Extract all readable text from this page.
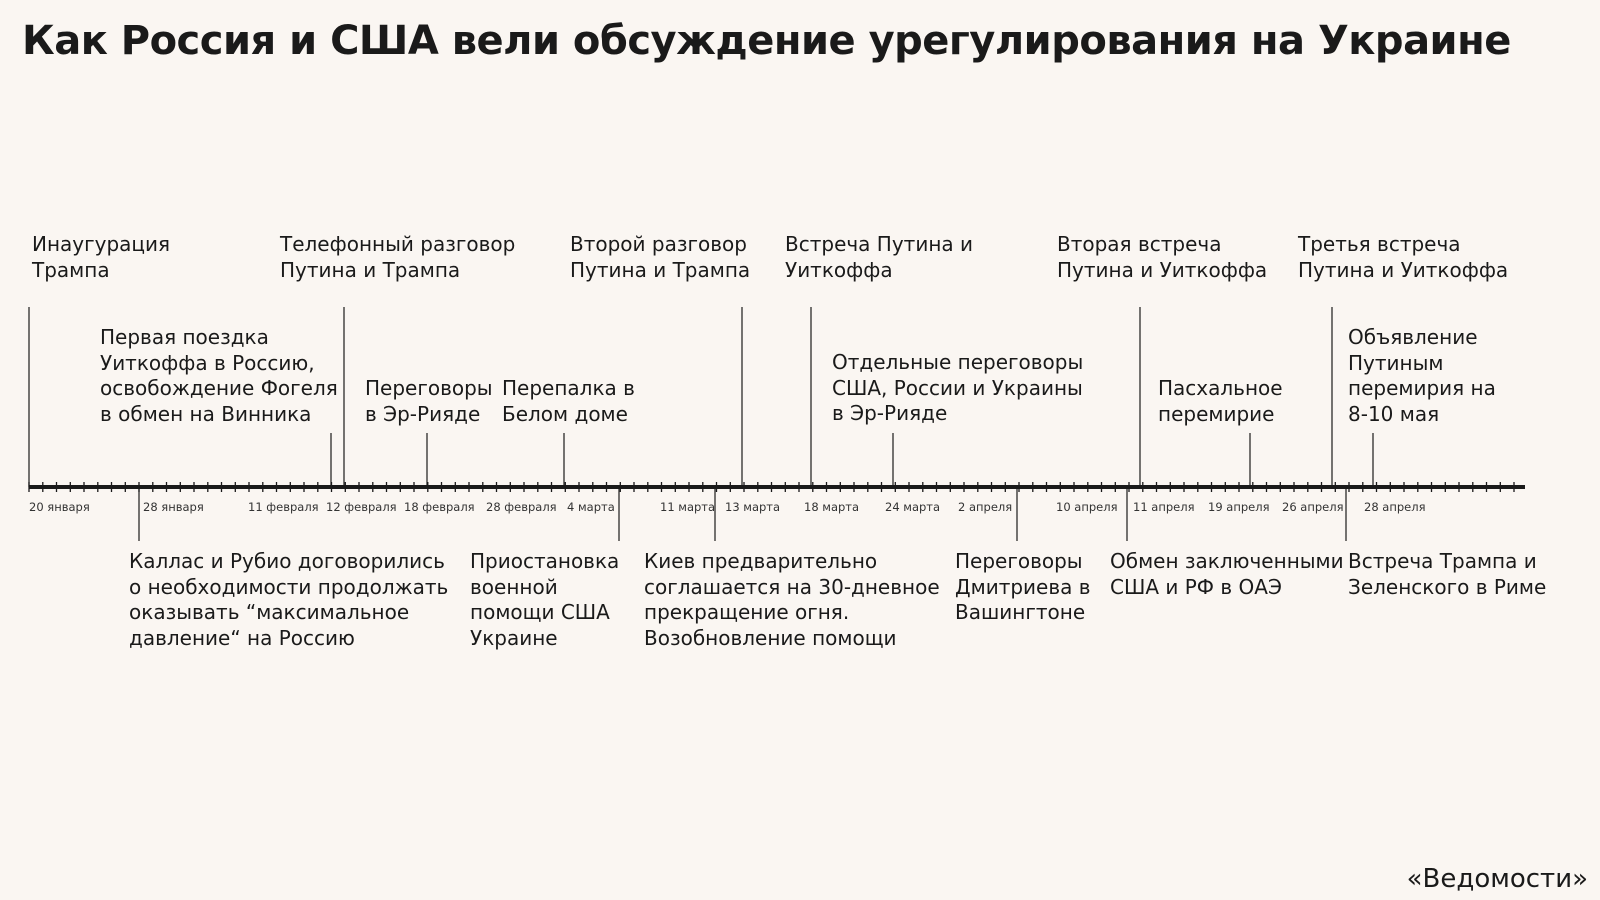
Как Россия и США вели обсуждение урегулирования на Украине
20 января	28 января	11 февраля 12 февраля 18 февраля 28 февраля 4 марта	11 марта 13 марта 18 марта 24 марта 2 апреля	10 апреля 11 апреля 19 апреля 26 апреля 28 апреля
Инаугурация
Трампа
Телефонный разговор
Путина и Трампа
Второй разговор
Путина и Трампа
Встреча Путина и
Уиткоффа
Вторая встреча
Путина и Уиткоффа
Третья встреча
Путина и Уиткоффа
Первая поездка
Уиткоффа в Россию,
освобождение Фогеля
в обмен на Винника
Переговоры
в Эр-Рияде
Перепалка в
Белом доме
Отдельные переговоры
США, России и Украины
в Эр-Рияде
Пасхальное
перемирие
Объявление
Путиным
перемирия на
8-10 мая
Каллас и Рубио договорились
о необходимости продолжать
оказывать “максимальное
давление“ на Россию
Приостановка
военной
помощи США
Украине
Киев предварительно
соглашается на 30-дневное
прекращение огня.
Возобновление помощи
Переговоры
Дмитриева в
Вашингтоне
Обмен заключенными
США и РФ в ОАЭ
Встреча Трампа и
Зеленского в Риме
«Ведомости»
